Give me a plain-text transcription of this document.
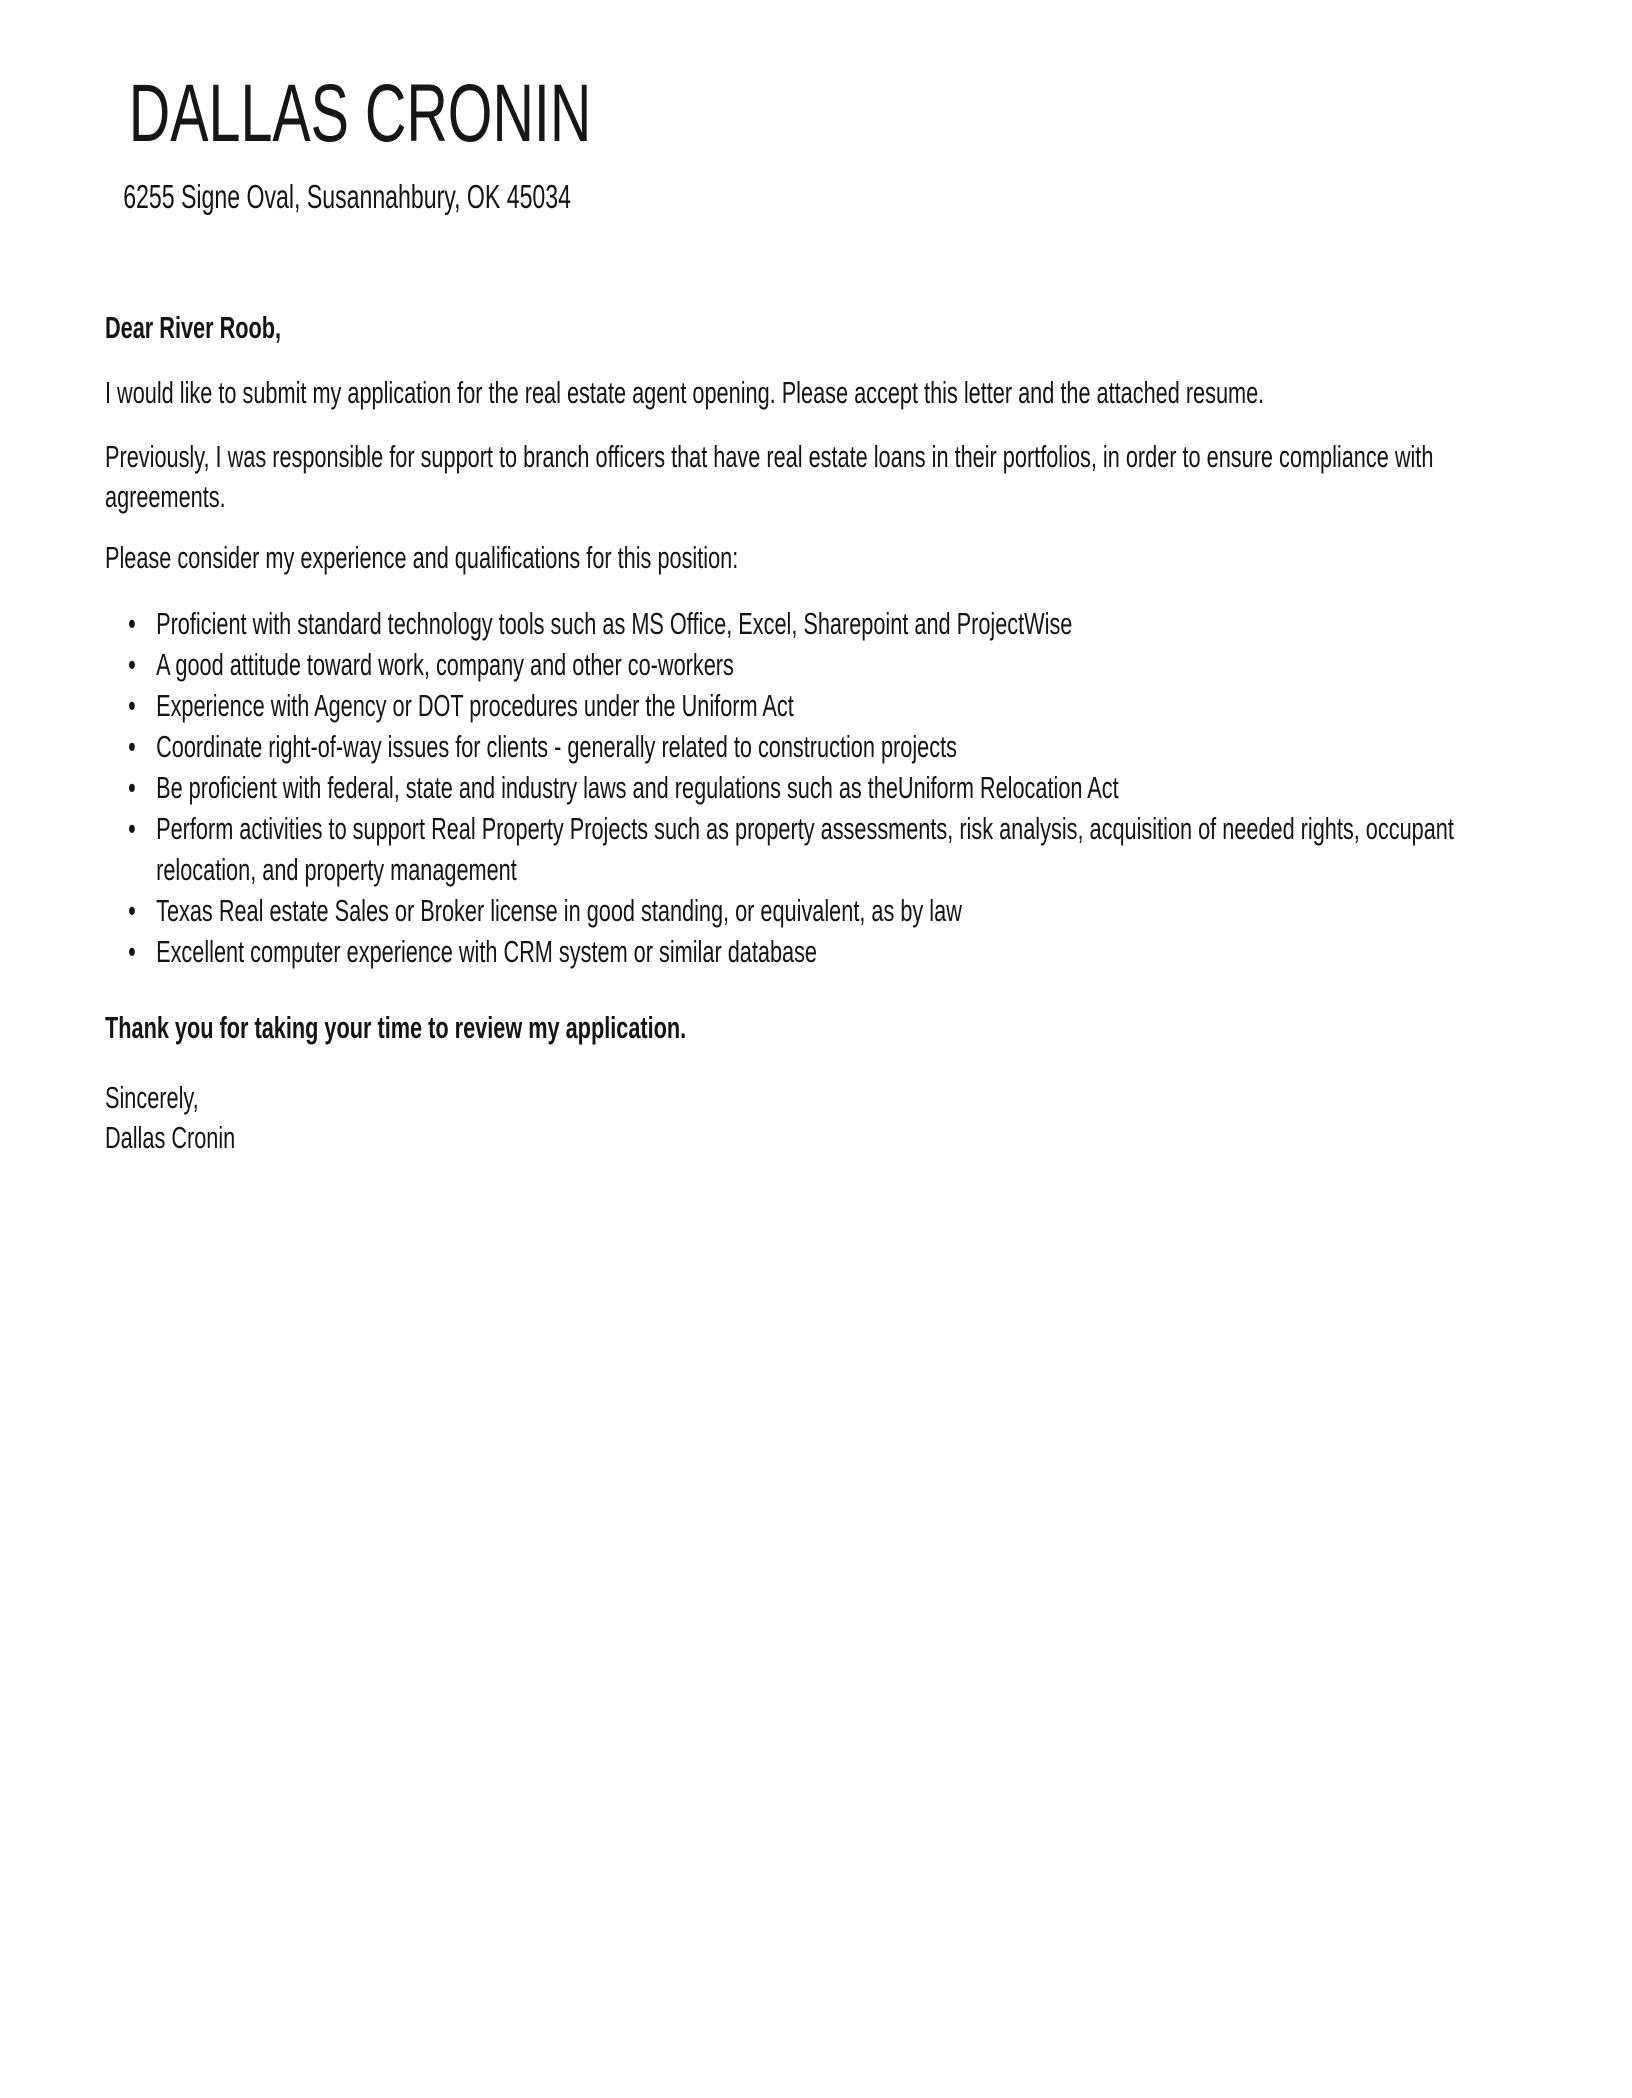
DALLAS CRONIN
6255 Signe Oval, Susannahbury, OK 45034
Dear River Roob,

I would like to submit my application for the real estate agent opening. Please accept this letter and the attached resume.

Previously, I was responsible for support to branch officers that have real estate loans in their portfolios, in order to ensure compliance with agreements.

Please consider my experience and qualifications for this position:

• Proficient with standard technology tools such as MS Office, Excel, Sharepoint and ProjectWise
• A good attitude toward work, company and other co-workers
• Experience with Agency or DOT procedures under the Uniform Act
• Coordinate right-of-way issues for clients - generally related to construction projects
• Be proficient with federal, state and industry laws and regulations such as theUniform Relocation Act
• Perform activities to support Real Property Projects such as property assessments, risk analysis, acquisition of needed rights, occupant relocation, and property management
• Texas Real estate Sales or Broker license in good standing, or equivalent, as by law
• Excellent computer experience with CRM system or similar database
Thank you for taking your time to review my application.
Sincerely,
Dallas Cronin
